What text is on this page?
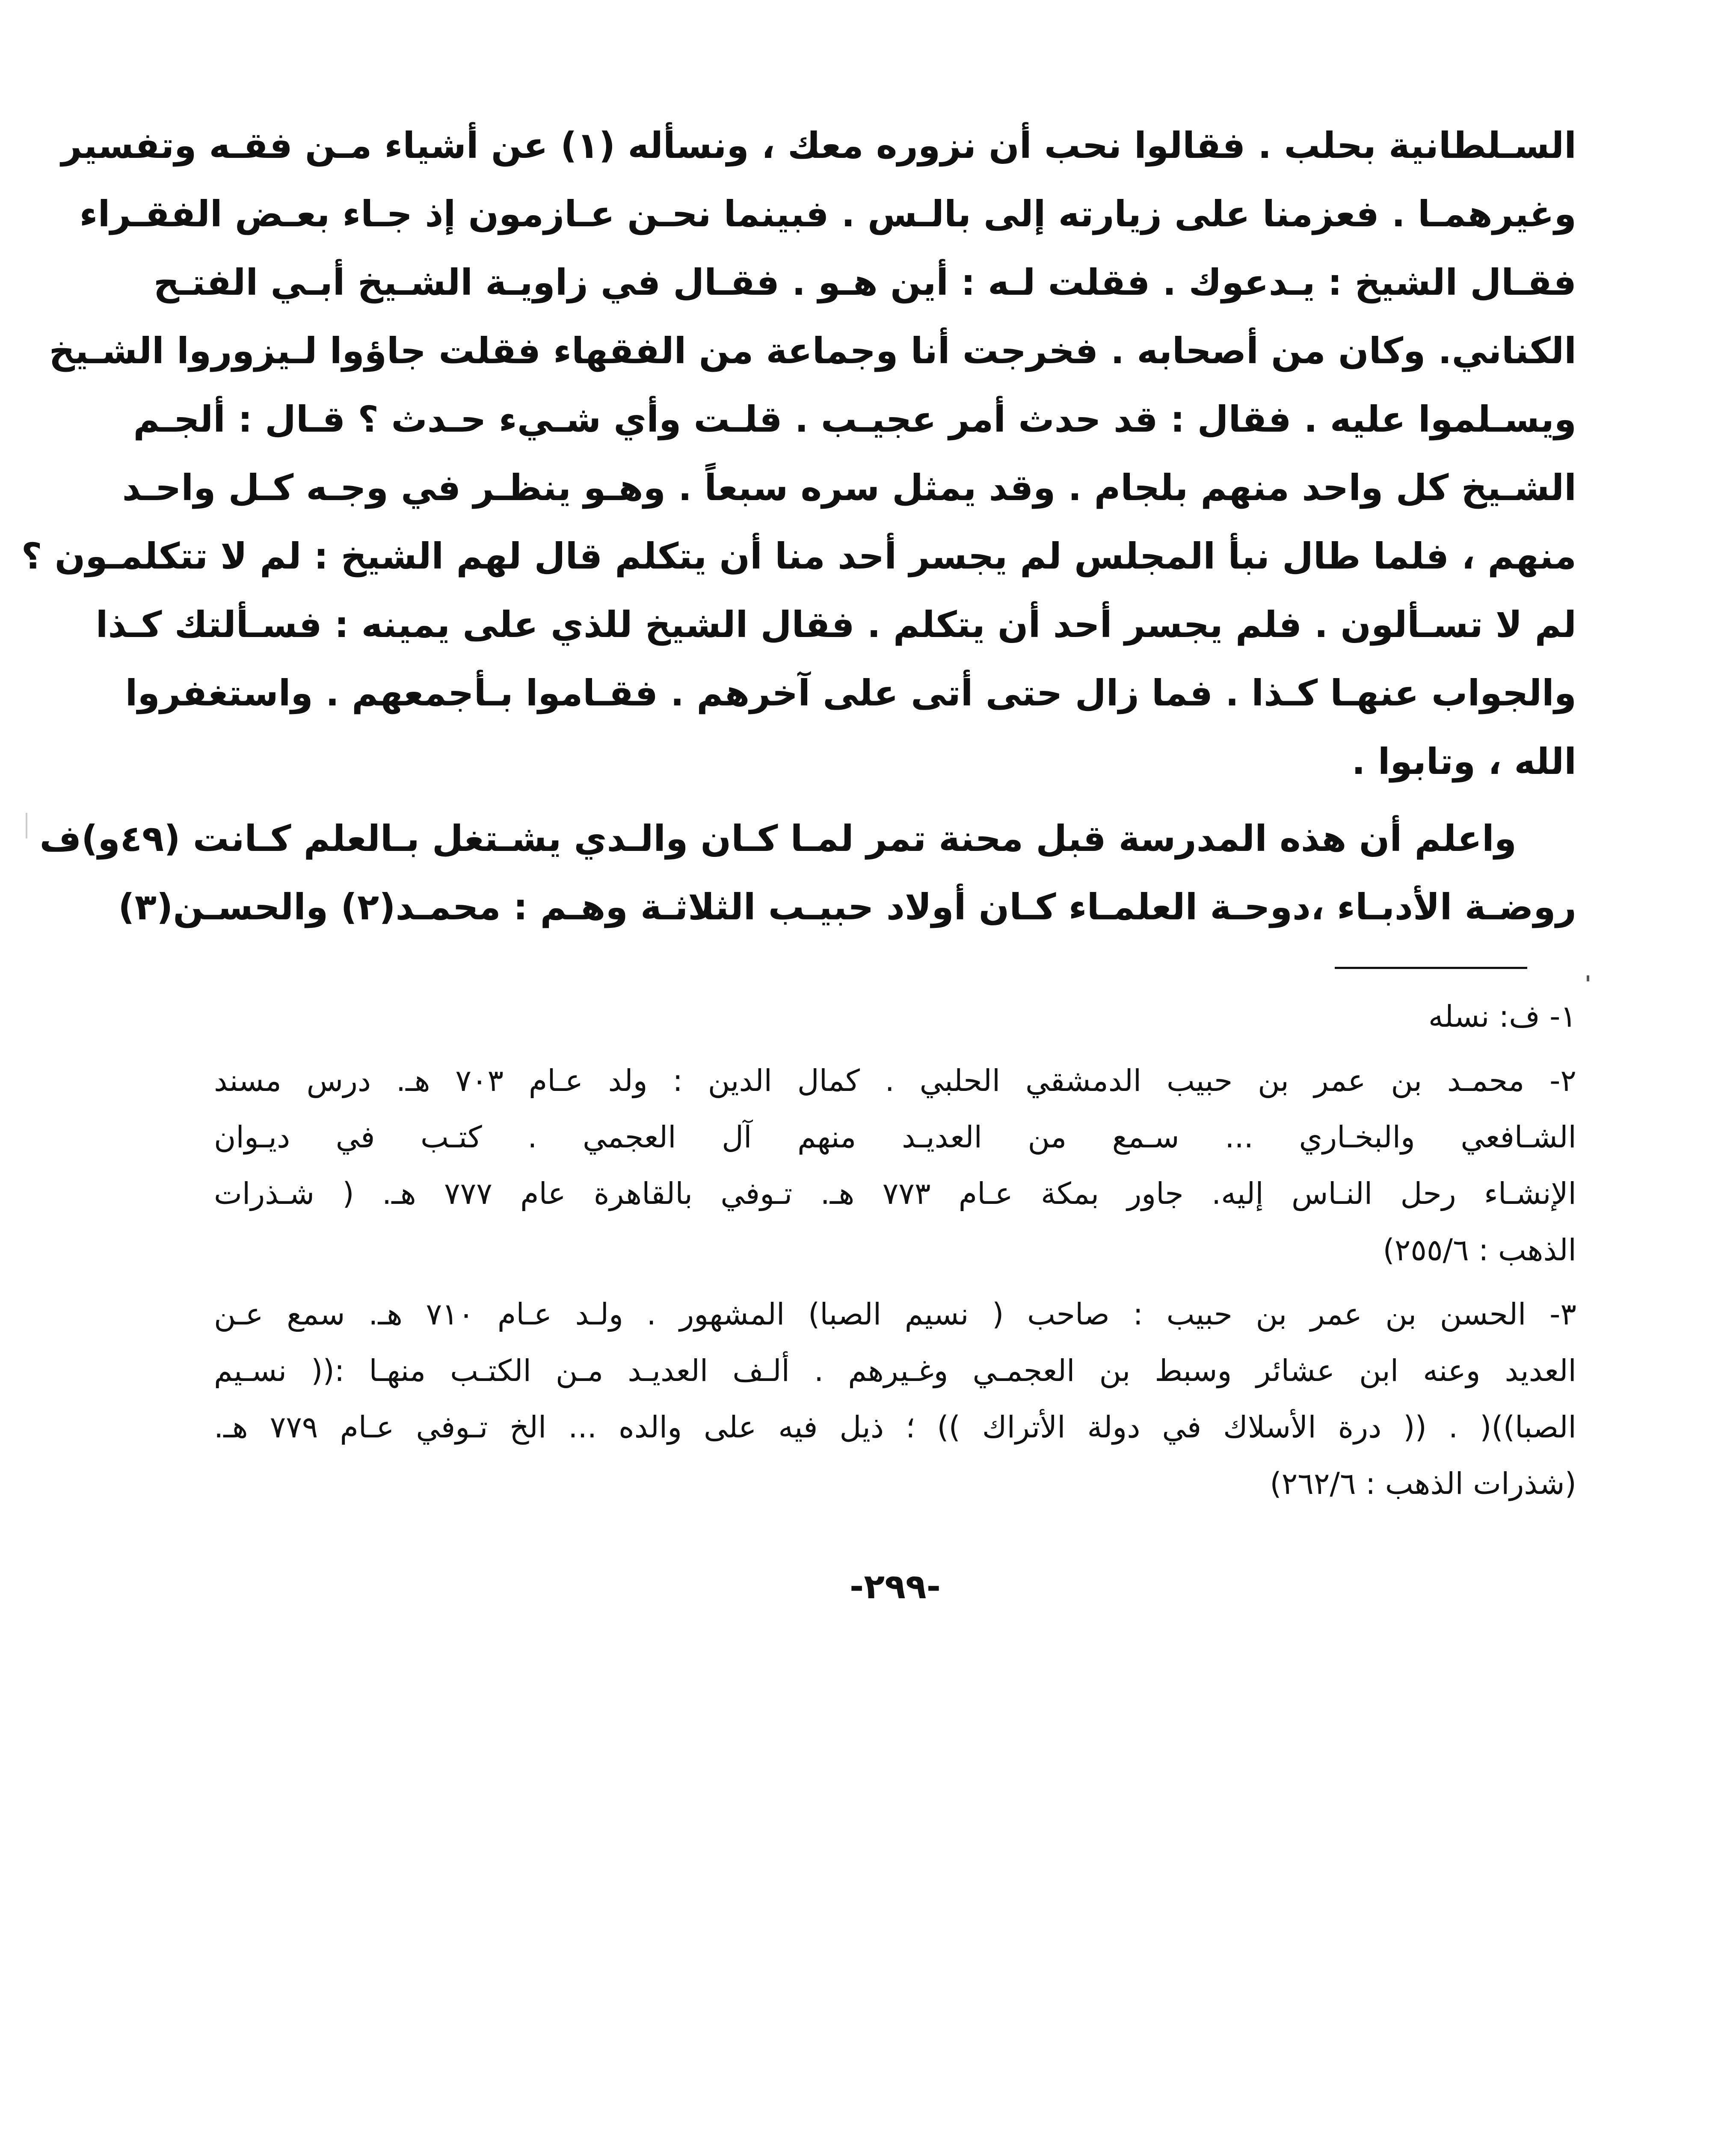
السـلطانية بحلب . فقالوا نحب أن نزوره معك ، ونسأله (١) عن أشياء مـن فقـه وتفسير
وغيرهمـا . فعزمنا على زيارته إلى بالـس . فبينما نحـن عـازمون إذ جـاء بعـض الفقـراء
فقـال الشيخ : يـدعوك . فقلت لـه : أين هـو . فقـال في زاويـة الشـيخ أبـي الفتـح
الكناني. وكان من أصحابه . فخرجت أنا وجماعة من الفقهاء فقلت جاؤوا لـيزوروا الشـيخ
ويسـلموا عليه . فقال : قد حدث أمر عجيـب . قلـت وأي شـيء حـدث ؟ قـال : ألجـم
الشـيخ كل واحد منهم بلجام . وقد يمثل سره سبعاً . وهـو ينظـر في وجـه كـل واحـد
منهم ، فلما طال نبأ المجلس لم يجسر أحد منا أن يتكلم قال لهم الشيخ : لم لا تتكلمـون ؟
لم لا تسـألون . فلم يجسر أحد أن يتكلم . فقال الشيخ للذي على يمينه : فسـألتك كـذا
والجواب عنهـا كـذا . فما زال حتى أتى على آخرهم . فقـاموا بـأجمعهم . واستغفروا
الله ، وتابوا .
واعلم أن هذه المدرسة قبل محنة تمر لمـا كـان والـدي يشـتغل بـالعلم كـانت (٤٩و)ف
روضـة الأدبـاء ،دوحـة العلمـاء كـان أولاد حبيـب الثلاثـة وهـم : محمـد(٢) والحسـن(٣)
١- ف: نسله
٢- محمـد بن عمر بن حبيب الدمشقي الحلبي . كمال الدين : ولد عـام ٧٠٣ هـ. درس مسند
الشـافعي والبخـاري ... سـمع من العديـد منهم آل العجمي . كتـب في ديـوان
الإنشـاء رحل النـاس إليه. جاور بمكة عـام ٧٧٣ هـ. تـوفي بالقاهرة عام ٧٧٧ هـ. ( شـذرات
الذهب : ٢٥٥/٦)
٣- الحسن بن عمر بن حبيب : صاحب ( نسيم الصبا) المشهور . ولـد عـام ٧١٠ هـ. سمع عـن
العديد وعنه ابن عشائر وسبط بن العجمـي وغـيرهم . ألـف العديـد مـن الكتـب منهـا :(( نسـيم
الصبا))( . (( درة الأسلاك في دولة الأتراك )) ؛ ذيل فيه على والده ... الخ تـوفي عـام ٧٧٩ هـ.
(شذرات الذهب : ٢٦٢/٦)
-٢٩٩-
